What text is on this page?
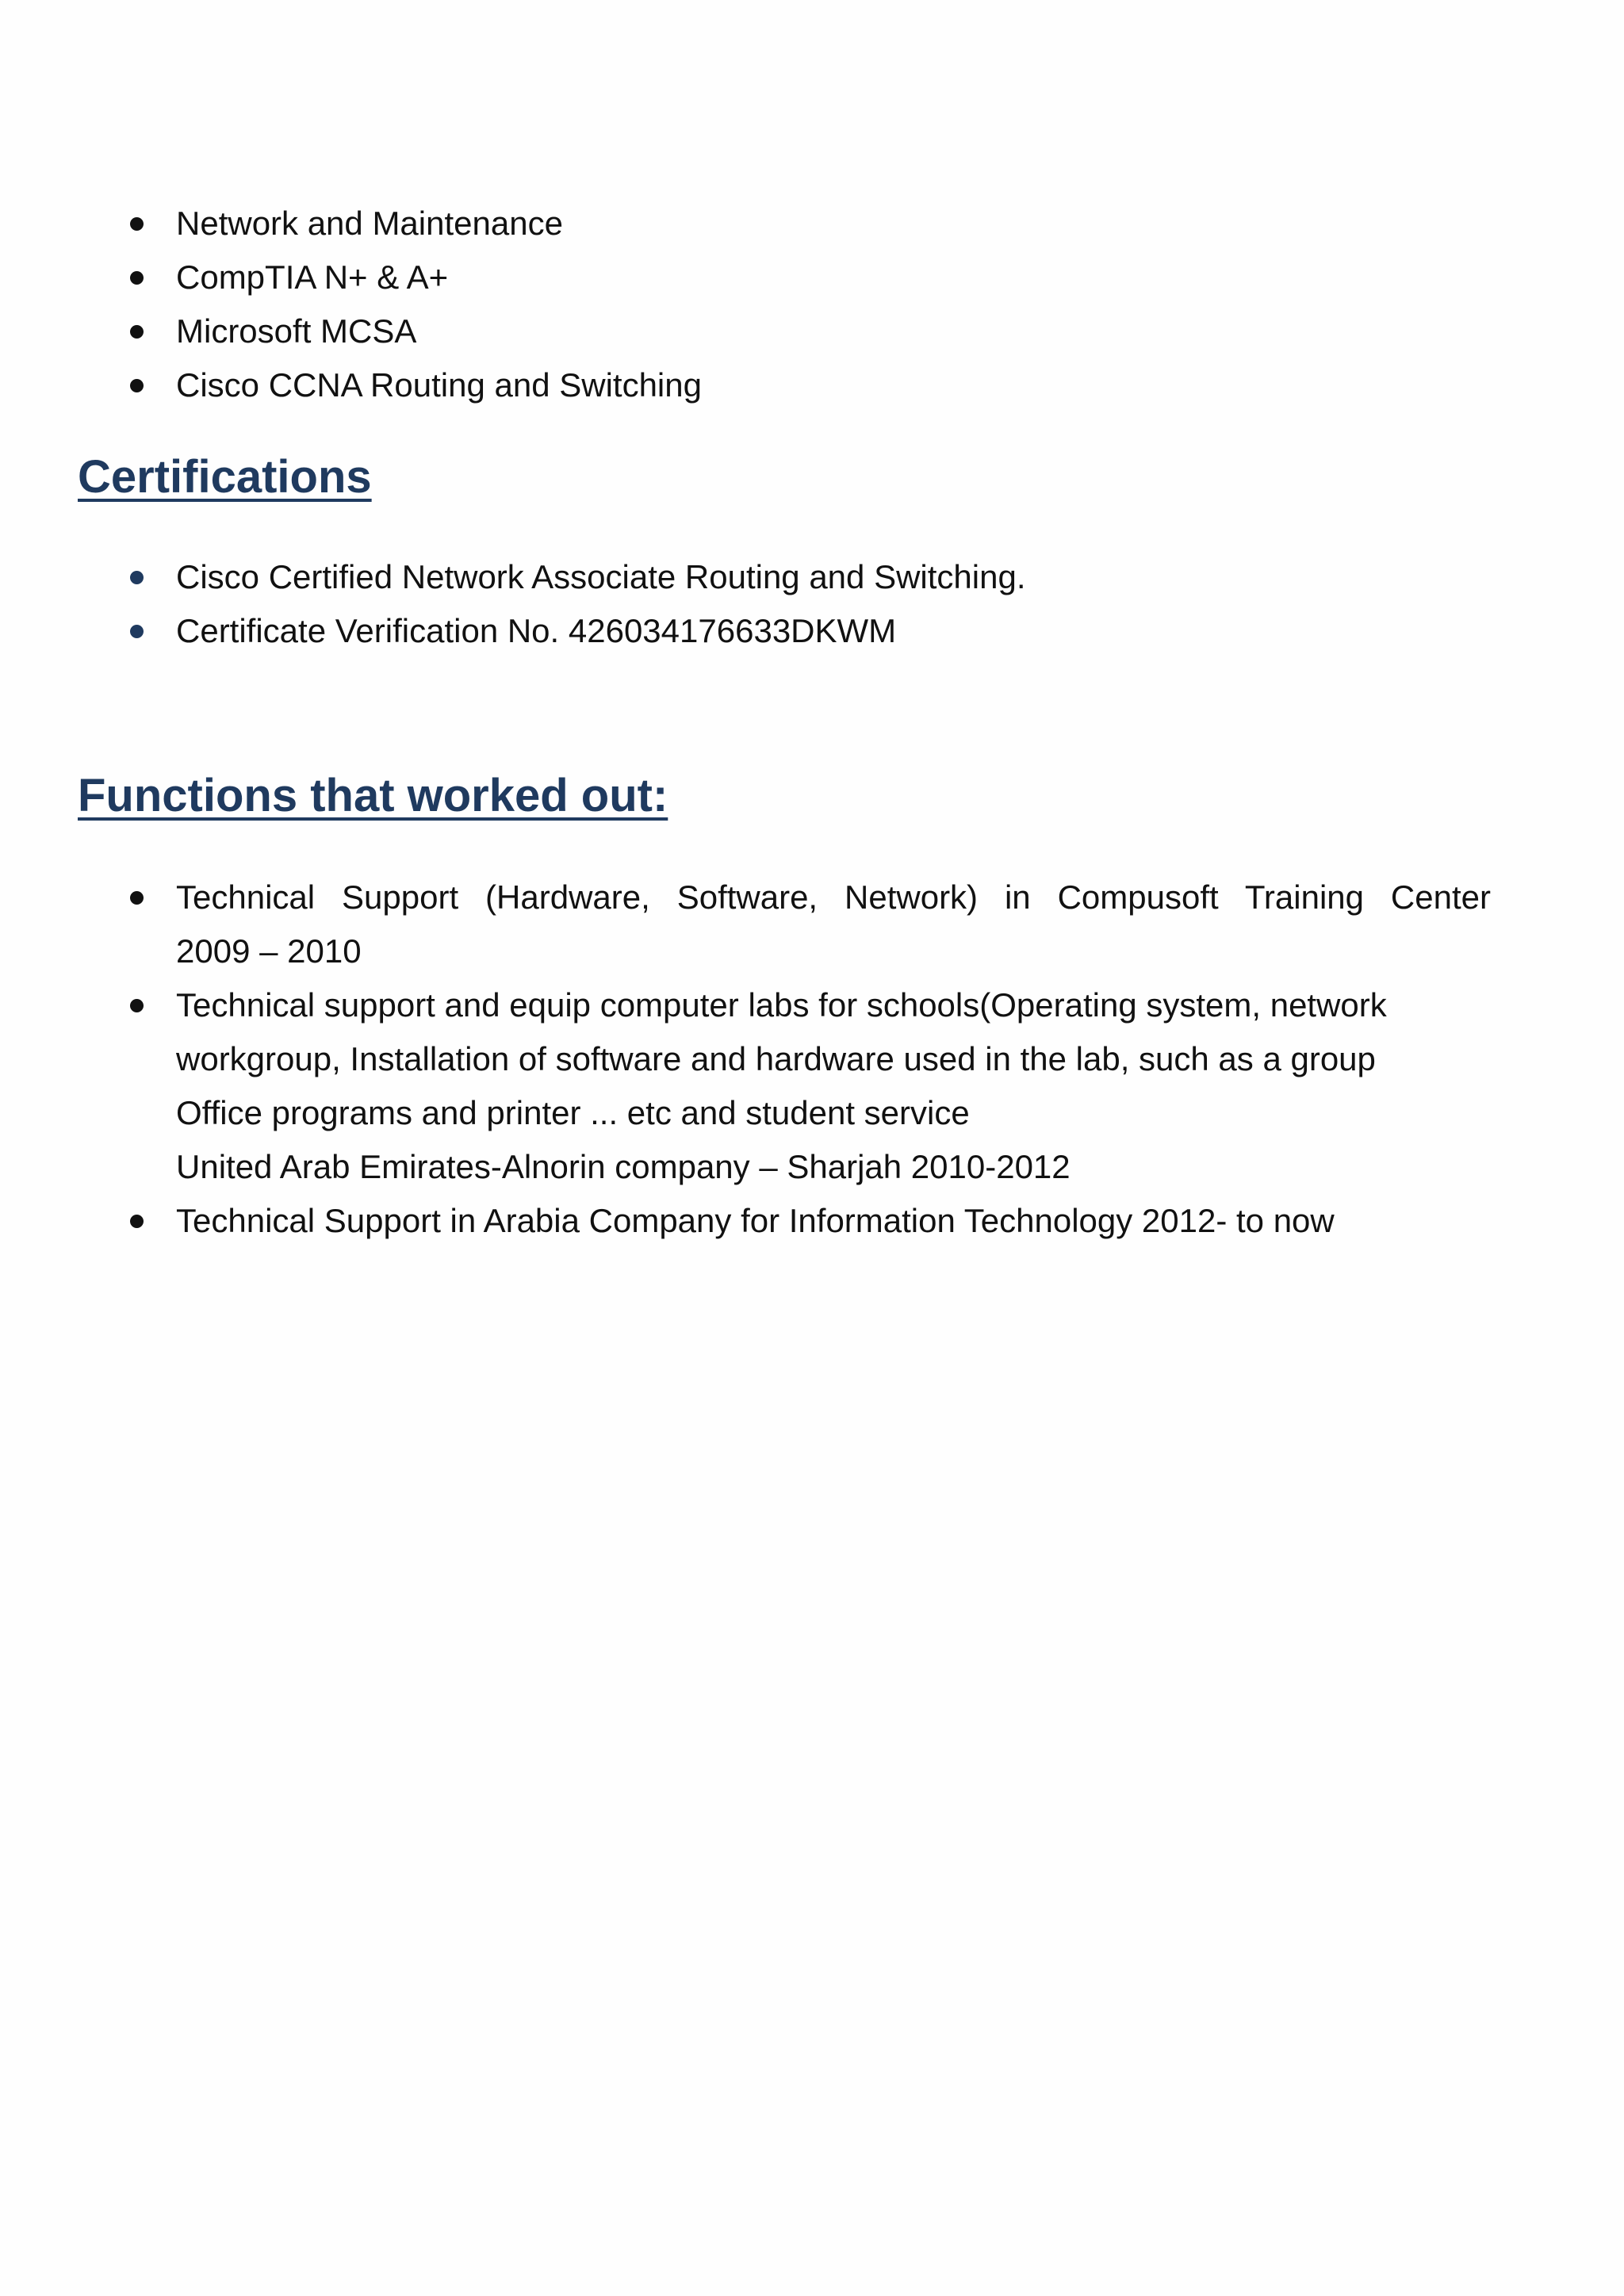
Network and Maintenance
CompTIA N+ & A+
Microsoft MCSA
Cisco CCNA Routing and Switching
Certifications
Cisco Certified Network Associate Routing and Switching.
Certificate Verification No. 426034176633DKWM
Functions that worked out:
Technical Support (Hardware, Software, Network) in Compusoft Training Center
2009 – 2010
Technical support and equip computer labs for schools(Operating system, network
workgroup, Installation of software and hardware used in the lab, such as a group
Office programs and printer ... etc and student service
United Arab Emirates-Alnorin company – Sharjah 2010-2012
Technical Support in Arabia Company for Information Technology 2012- to now
